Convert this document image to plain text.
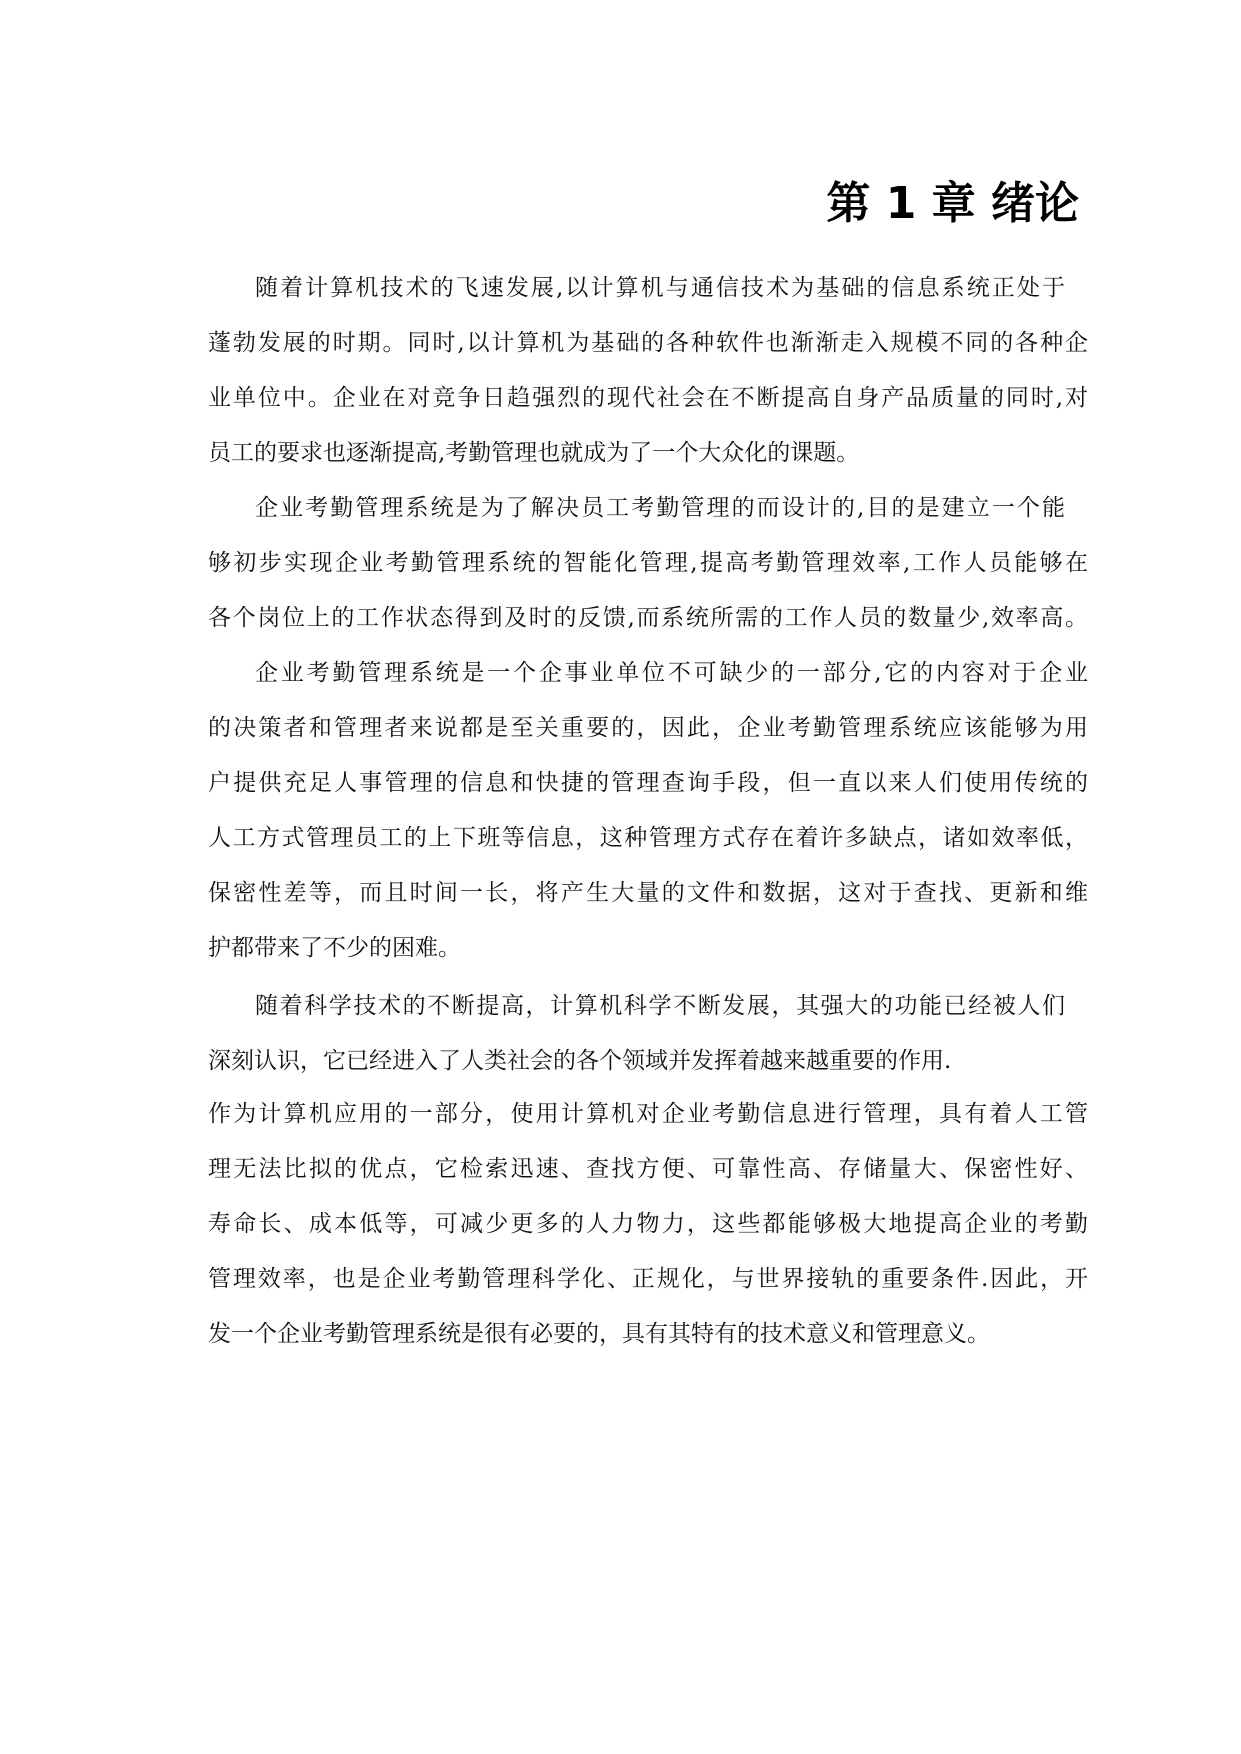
第 1 章 绪论
随着计算机技术的飞速发展,以计算机与通信技术为基础的信息系统正处于
蓬勃发展的时期。同时,以计算机为基础的各种软件也渐渐走入规模不同的各种企
业单位中。企业在对竞争日趋强烈的现代社会在不断提高自身产品质量的同时,对
员工的要求也逐渐提高,考勤管理也就成为了一个大众化的课题。
企业考勤管理系统是为了解决员工考勤管理的而设计的,目的是建立一个能
够初步实现企业考勤管理系统的智能化管理,提高考勤管理效率,工作人员能够在
各个岗位上的工作状态得到及时的反馈,而系统所需的工作人员的数量少,效率高。
企业考勤管理系统是一个企事业单位不可缺少的一部分,它的内容对于企业
的决策者和管理者来说都是至关重要的，因此，企业考勤管理系统应该能够为用
户提供充足人事管理的信息和快捷的管理查询手段，但一直以来人们使用传统的
人工方式管理员工的上下班等信息，这种管理方式存在着许多缺点，诸如效率低，
保密性差等，而且时间一长，将产生大量的文件和数据，这对于查找、更新和维
护都带来了不少的困难。
随着科学技术的不断提高，计算机科学不断发展，其强大的功能已经被人们
深刻认识，它已经进入了人类社会的各个领域并发挥着越来越重要的作用.
作为计算机应用的一部分，使用计算机对企业考勤信息进行管理，具有着人工管
理无法比拟的优点，它检索迅速、查找方便、可靠性高、存储量大、保密性好、
寿命长、成本低等，可减少更多的人力物力，这些都能够极大地提高企业的考勤
管理效率，也是企业考勤管理科学化、正规化，与世界接轨的重要条件.因此，开
发一个企业考勤管理系统是很有必要的，具有其特有的技术意义和管理意义。
